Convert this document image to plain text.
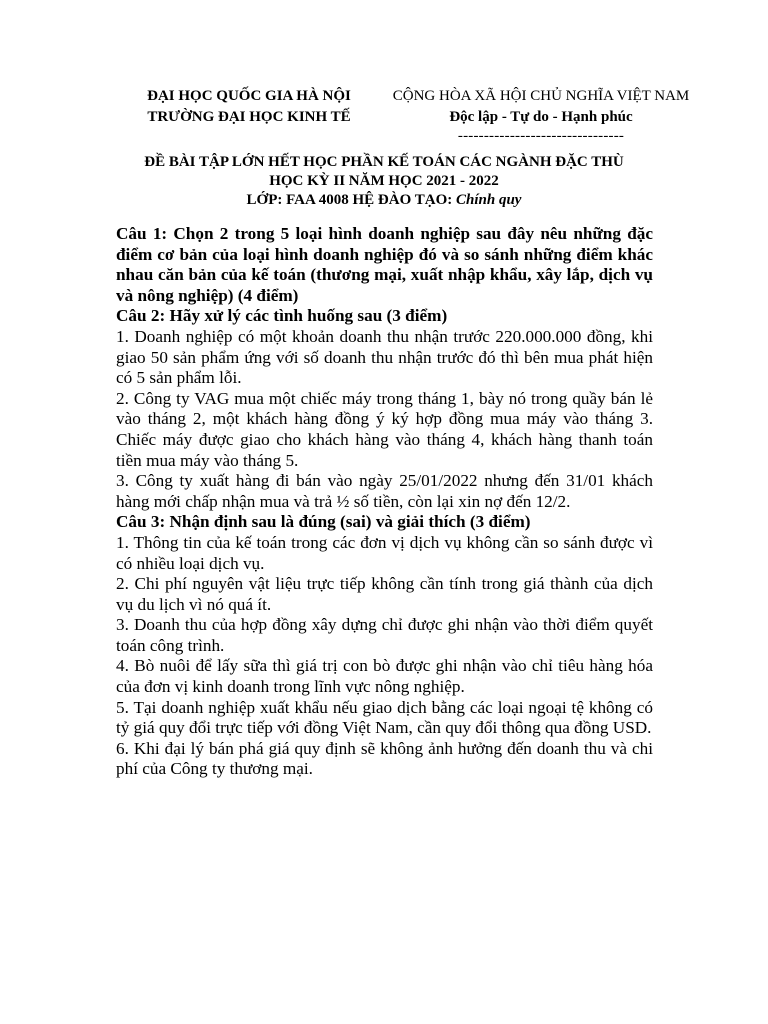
ĐẠI HỌC QUỐC GIA HÀ NỘI
TRƯỜNG ĐẠI HỌC KINH TẾ
CỘNG HÒA XÃ HỘI CHỦ NGHĨA VIỆT NAM
Độc lập - Tự do - Hạnh phúc
--------------------------------
ĐỀ BÀI TẬP LỚN HẾT HỌC PHẦN KẾ TOÁN CÁC NGÀNH ĐẶC THÙ
HỌC KỲ II NĂM HỌC 2021 - 2022
LỚP: FAA 4008 HỆ ĐÀO TẠO: Chính quy

Câu 1: Chọn 2 trong 5 loại hình doanh nghiệp sau đây nêu những đặc điểm cơ bản của loại hình doanh nghiệp đó và so sánh những điểm khác nhau căn bản của kế toán (thương mại, xuất nhập khẩu, xây lắp, dịch vụ và nông nghiệp) (4 điểm)

Câu 2: Hãy xử lý các tình huống sau (3 điểm)

1. Doanh nghiệp có một khoản doanh thu nhận trước 220.000.000 đồng, khi giao 50 sản phẩm ứng với số doanh thu nhận trước đó thì bên mua phát hiện có 5 sản phẩm lỗi.

2. Công ty VAG mua một chiếc máy trong tháng 1, bày nó trong quầy bán lẻ vào tháng 2, một khách hàng đồng ý ký hợp đồng mua máy vào tháng 3. Chiếc máy được giao cho khách hàng vào tháng 4, khách hàng thanh toán tiền mua máy vào tháng 5.

3. Công ty xuất hàng đi bán vào ngày 25/01/2022 nhưng đến 31/01 khách hàng mới chấp nhận mua và trả ½ số tiền, còn lại xin nợ đến 12/2.

Câu 3: Nhận định sau là đúng (sai) và giải thích (3 điểm)

1. Thông tin của kế toán trong các đơn vị dịch vụ không cần so sánh được vì có nhiều loại dịch vụ.

2. Chi phí nguyên vật liệu trực tiếp không cần tính trong giá thành của dịch vụ du lịch vì nó quá ít.

3. Doanh thu của hợp đồng xây dựng chỉ được ghi nhận vào thời điểm quyết toán công trình.

4. Bò nuôi để lấy sữa thì giá trị con bò được ghi nhận vào chỉ tiêu hàng hóa của đơn vị kinh doanh trong lĩnh vực nông nghiệp.

5. Tại doanh nghiệp xuất khẩu nếu giao dịch bằng các loại ngoại tệ không có tỷ giá quy đổi trực tiếp với đồng Việt Nam, cần quy đổi thông qua đồng USD.

6. Khi đại lý bán phá giá quy định sẽ không ảnh hưởng đến doanh thu và chi phí của Công ty thương mại.
